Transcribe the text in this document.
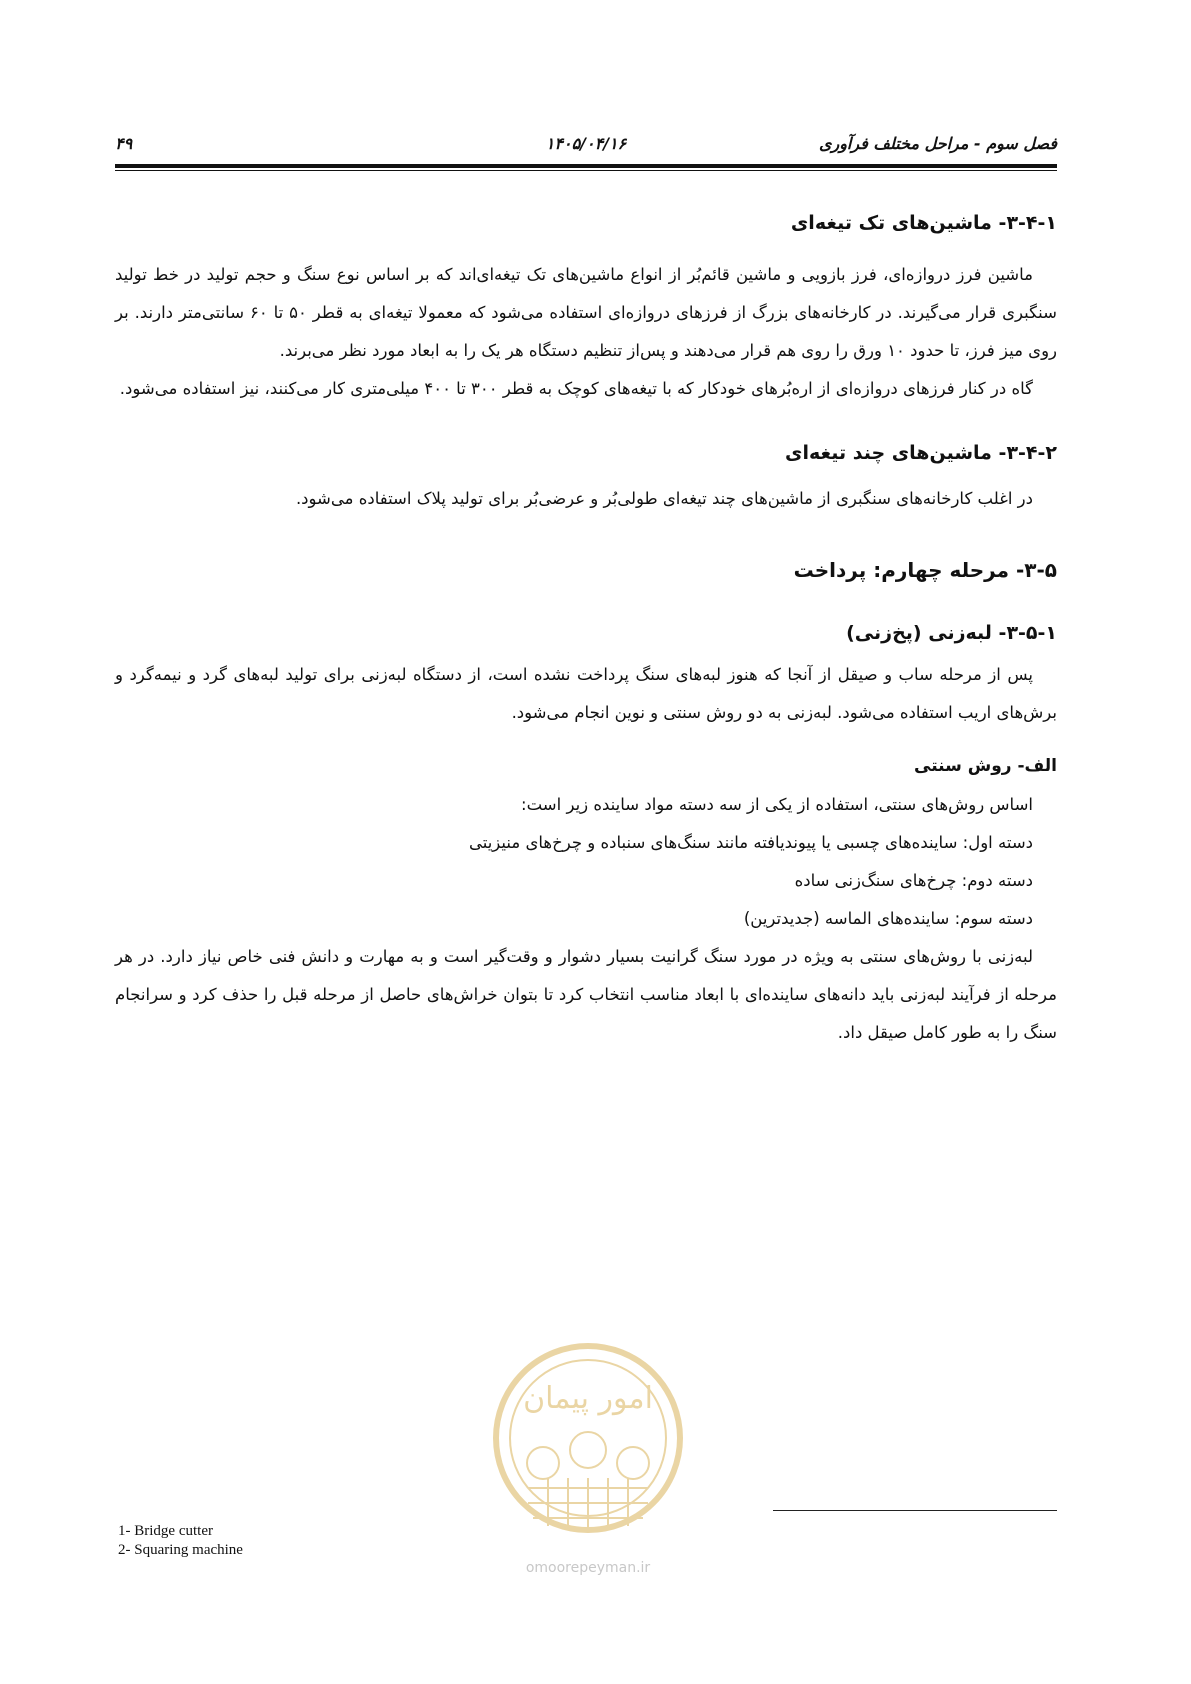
فصل سوم - مراحل مختلف فرآوری
۱۴۰۵/۰۴/۱۶
۴۹

۳-۴-۱- ماشین‌های تک تیغه‌ای

ماشین فرز دروازه‌ای، فرز بازویی و ماشین قائم‌بُر از انواع ماشین‌های تک تیغه‌ای‌اند که بر اساس نوع سنگ و حجم تولید در خط تولید سنگبری قرار می‌گیرند. در کارخانه‌های بزرگ از فرزهای دروازه‌ای استفاده می‌شود که معمولا تیغه‌ای به قطر ۵۰ تا ۶۰ سانتی‌متر دارند. بر روی میز فرز، تا حدود ۱۰ ورق را روی هم قرار می‌دهند و پس‌از تنظیم دستگاه هر یک‌ را به ابعاد مورد نظر می‌برند.

گاه در کنار فرزهای دروازه‌ای از اره‌بُرهای خودکار که با تیغه‌های کوچک به قطر ۳۰۰ تا ۴۰۰ میلی‌متری کار می‌کنند، نیز استفاده می‌شود.

۳-۴-۲- ماشین‌های چند تیغه‌ای

در اغلب کارخانه‌های سنگبری از ماشین‌های چند تیغه‌ای طولی‌بُر و عرضی‌بُر برای تولید پلاک استفاده می‌شود.

۳-۵- مرحله چهارم: پرداخت

۳-۵-۱- لبه‌زنی (پخ‌زنی)

پس از مرحله ساب و صیقل از آنجا که هنوز لبه‌های سنگ پرداخت نشده است، از دستگاه لبه‌زنی برای تولید لبه‌های گرد و نیمه‌گرد و برش‌های اریب استفاده می‌شود. لبه‌زنی به دو روش سنتی و نوین انجام می‌شود.

الف- روش سنتی

اساس روش‌های سنتی، استفاده از یکی از سه دسته مواد ساینده زیر است:

دسته اول: ساینده‌های چسبی یا پیوندیافته مانند سنگ‌های سنباده و چرخ‌های منیزیتی

دسته دوم: چرخ‌های سنگ‌زنی ساده

دسته سوم: ساینده‌های الماسه (جدیدترین)

لبه‌زنی با روش‌های سنتی به ویژه در مورد سنگ گرانیت بسیار دشوار و وقت‌گیر است و به مهارت و دانش فنی خاص نیاز دارد. در هر مرحله از فرآیند لبه‌زنی باید دانه‌های ساینده‌ای با ابعاد مناسب انتخاب کرد تا بتوان خراش‌های حاصل از مرحله قبل را حذف کرد و سرانجام سنگ را به طور کامل صیقل داد.

امور پیمان
omoorepeyman.ir
1- Bridge cutter
2- Squaring machine
